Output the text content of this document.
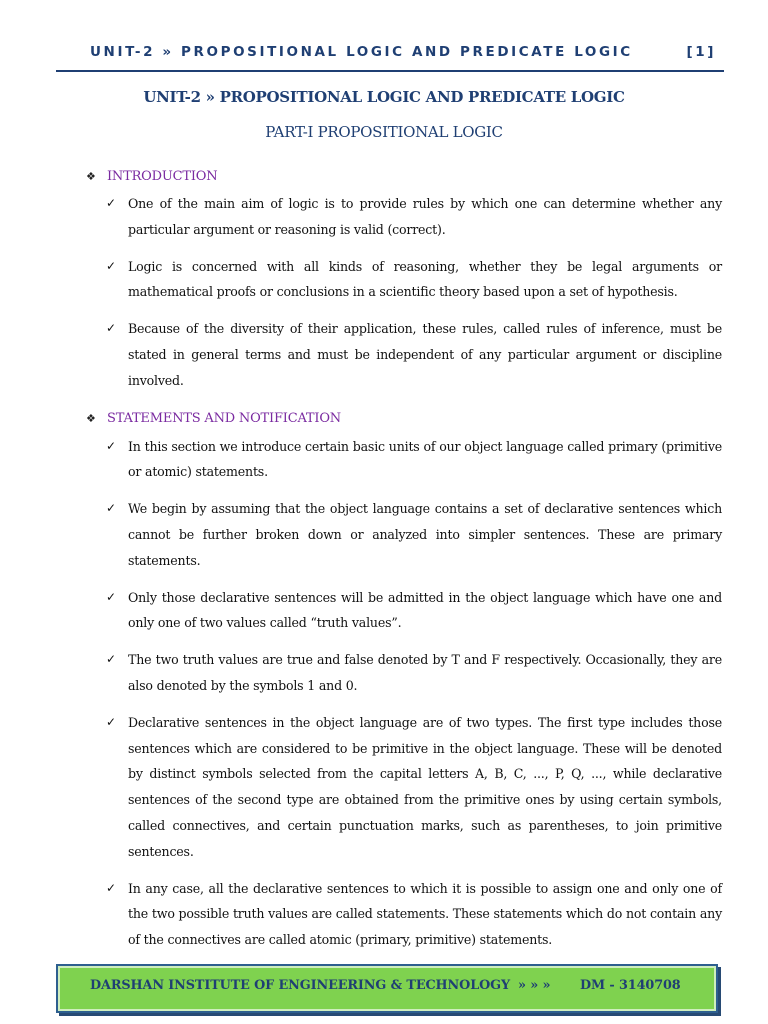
UNIT-2 » PROPOSITIONAL LOGIC AND PREDICATE LOGIC	[1]
UNIT-2 » PROPOSITIONAL LOGIC AND PREDICATE LOGIC
PART-I PROPOSITIONAL LOGIC
❖ INTRODUCTION
✓ One of the main aim of logic is to provide rules by which one can determine whether any particular argument or reasoning is valid (correct).
✓ Logic is concerned with all kinds of reasoning, whether they be legal arguments or mathematical proofs or conclusions in a scientific theory based upon a set of hypothesis.
✓ Because of the diversity of their application, these rules, called rules of inference, must be stated in general terms and must be independent of any particular argument or discipline involved.
❖ STATEMENTS AND NOTIFICATION
✓ In this section we introduce certain basic units of our object language called primary (primitive or atomic) statements.
✓ We begin by assuming that the object language contains a set of declarative sentences which cannot be further broken down or analyzed into simpler sentences. These are primary statements.
✓ Only those declarative sentences will be admitted in the object language which have one and only one of two values called “truth values”.
✓ The two truth values are true and false denoted by T and F respectively. Occasionally, they are also denoted by the symbols 1 and 0.
✓ Declarative sentences in the object language are of two types. The first type includes those sentences which are considered to be primitive in the object language. These will be denoted by distinct symbols selected from the capital letters A, B, C, ..., P, Q, ..., while declarative sentences of the second type are obtained from the primitive ones by using certain symbols, called connectives, and certain punctuation marks, such as parentheses, to join primitive sentences.
✓ In any case, all the declarative sentences to which it is possible to assign one and only one of the two possible truth values are called statements. These statements which do not contain any of the connectives are called atomic (primary, primitive) statements.
DARSHAN INSTITUTE OF ENGINEERING & TECHNOLOGY » » » DM - 3140708
